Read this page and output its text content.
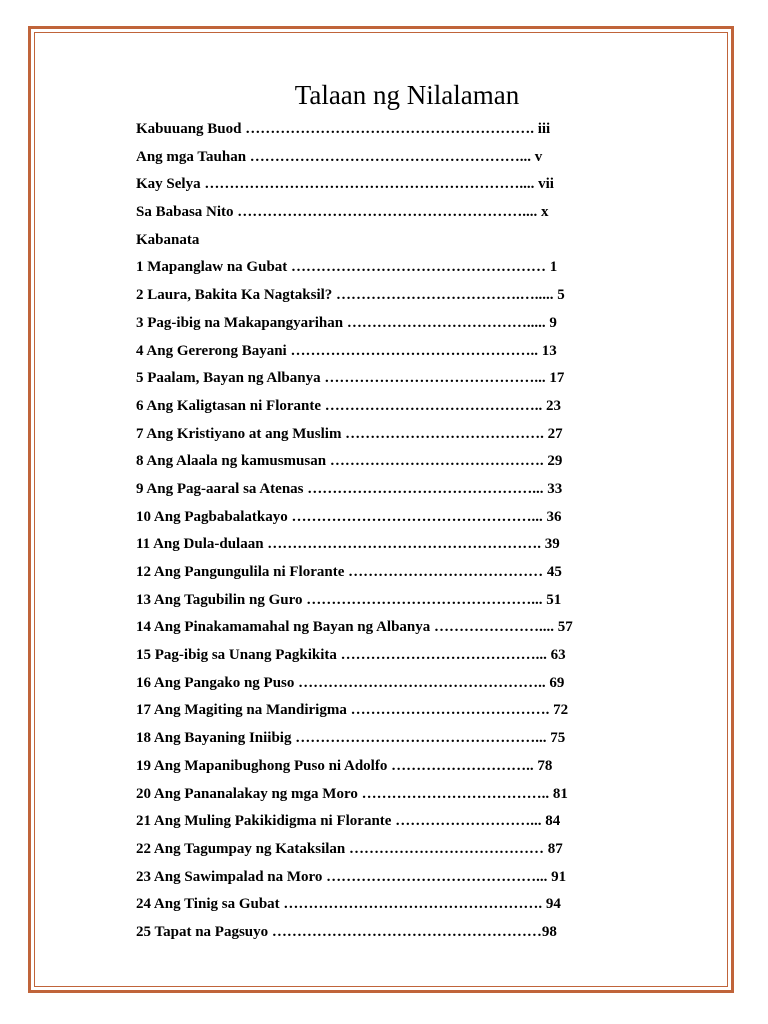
Talaan ng Nilalaman
Kabuuang Buod …………………………………………………. iii
Ang mga Tauhan ………………………………………………... v
Kay Selya ……………………………………………………….... vii
Sa Babasa Nito ………………………………………………….... x
Kabanata
1 Mapanglaw na Gubat …………………………………………… 1
2 Laura, Bakita Ka Nagtaksil? ……………………………….…..... 5
3 Pag-ibig na Makapangyarihan ………………………………..... 9
4 Ang Gererong Bayani ………………………………………….. 13
5 Paalam, Bayan ng Albanya ……………………………………... 17
6 Ang Kaligtasan ni Florante …………………………………….. 23
7 Ang Kristiyano at ang Muslim …………………………………. 27
8 Ang Alaala ng kamusmusan ……………………………………. 29
9 Ang Pag-aaral sa Atenas ………………………………………... 33
10 Ang Pagbabalatkayo …………………………………………... 36
11 Ang Dula-dulaan ………………………………………………. 39
12 Ang Pangungulila ni Florante ………………………………… 45
13 Ang Tagubilin ng Guro ………………………………………... 51
14 Ang Pinakamamahal ng Bayan ng Albanya ………………….... 57
15 Pag-ibig sa Unang Pagkikita …………………………………... 63
16 Ang Pangako ng Puso ………………………………………….. 69
17 Ang Magiting na Mandirigma …………………………………. 72
18 Ang Bayaning Iniibig …………………………………………... 75
19 Ang Mapanibughong Puso ni Adolfo ……………………….. 78
20 Ang Pananalakay ng mga Moro ……………………………….. 81
21 Ang Muling Pakikidigma ni Florante ………………………... 84
22 Ang Tagumpay ng Kataksilan ………………………………… 87
23 Ang Sawimpalad na Moro ……………………………………... 91
24 Ang Tinig sa Gubat ……………………………………………. 94
25 Tapat na Pagsuyo ………………………………………………98
